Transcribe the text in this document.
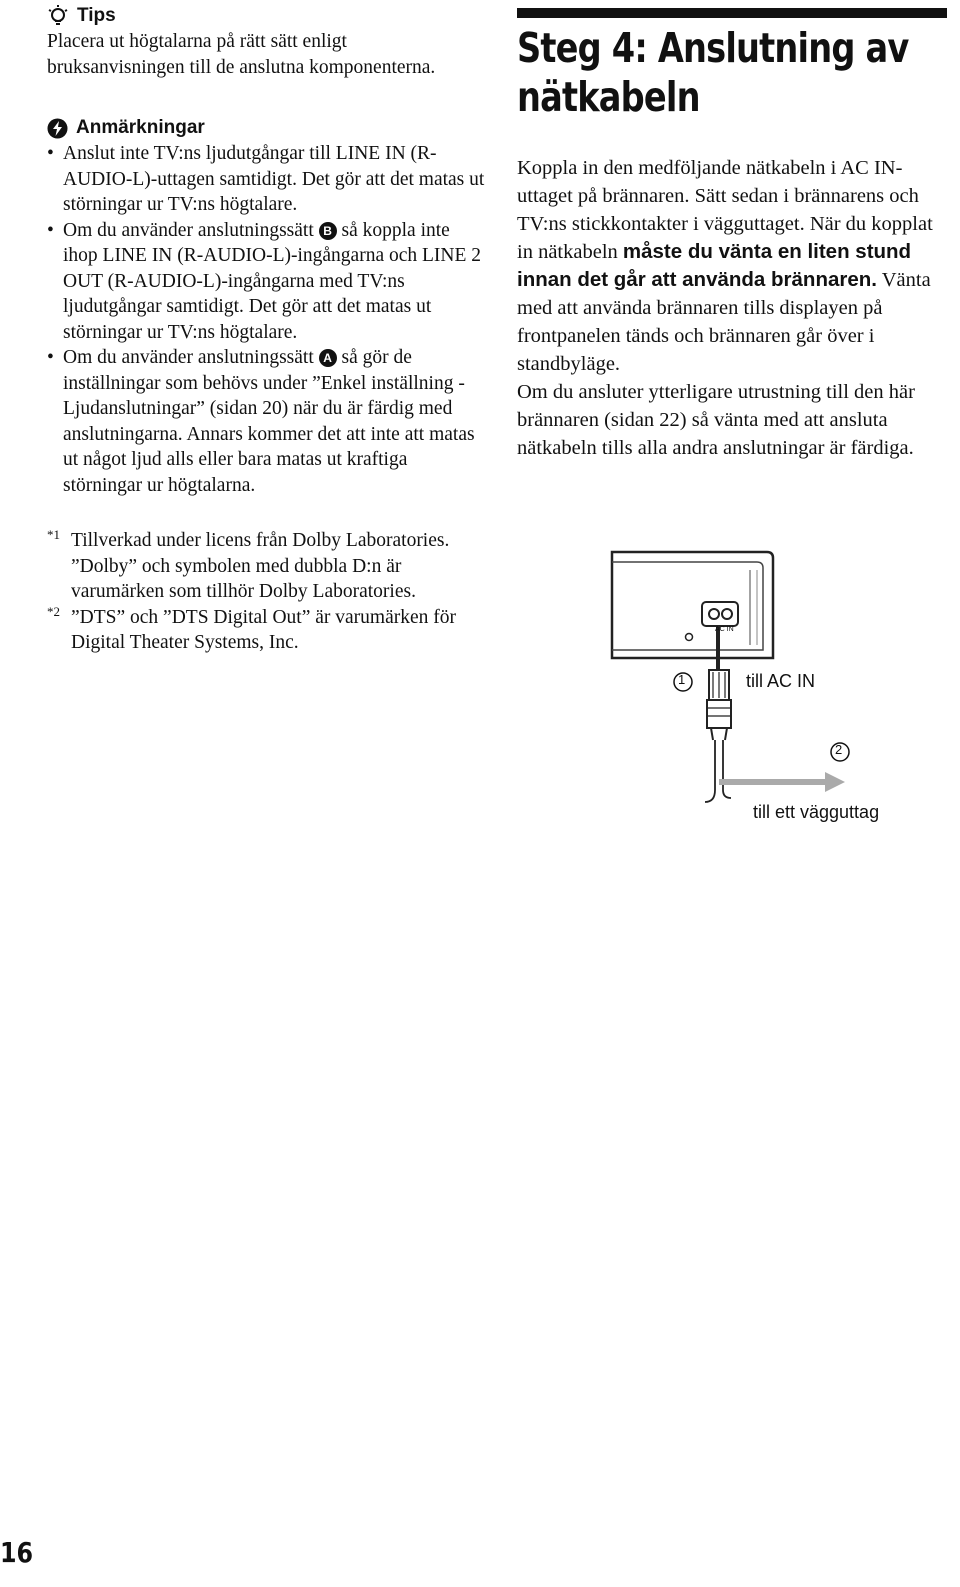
Tips

Placera ut högtalarna på rätt sätt enligt bruksanvisningen till de anslutna komponenterna.

Anmärkningar
• Anslut inte TV:ns ljudutgångar till LINE IN (R-AUDIO-L)-uttagen samtidigt. Det gör att det matas ut störningar ur TV:ns högtalare.
• Om du använder anslutningssätt B så koppla inte ihop LINE IN (R-AUDIO-L)-ingångarna och LINE 2 OUT (R-AUDIO-L)-ingångarna med TV:ns ljudutgångar samtidigt. Det gör att det matas ut störningar ur TV:ns högtalare.
• Om du använder anslutningssätt A så gör de inställningar som behövs under ”Enkel inställning - Ljudanslutningar” (sidan 20) när du är färdig med anslutningarna. Annars kommer det att inte att matas ut något ljud alls eller bara matas ut kraftiga störningar ur högtalarna.
*1 Tillverkad under licens från Dolby Laboratories. ”Dolby” och symbolen med dubbla D:n är varumärken som tillhör Dolby Laboratories.
*2 ”DTS” och ”DTS Digital Out” är varumärken för Digital Theater Systems, Inc.
Steg 4: Anslutning av
nätkabeln

Koppla in den medföljande nätkabeln i AC IN-uttaget på brännaren. Sätt sedan i brännarens och TV:ns stickkontakter i vägguttaget. När du kopplat in nätkabeln måste du vänta en liten stund innan det går att använda brännaren. Vänta med att använda brännaren tills displayen på frontpanelen tänds och brännaren går över i standbyläge.
Om du ansluter ytterligare utrustning till den här brännaren (sidan 22) så vänta med att ansluta nätkabeln tills alla andra anslutningar är färdiga.

AC IN
1	till AC IN
2
till ett vägguttag
16
